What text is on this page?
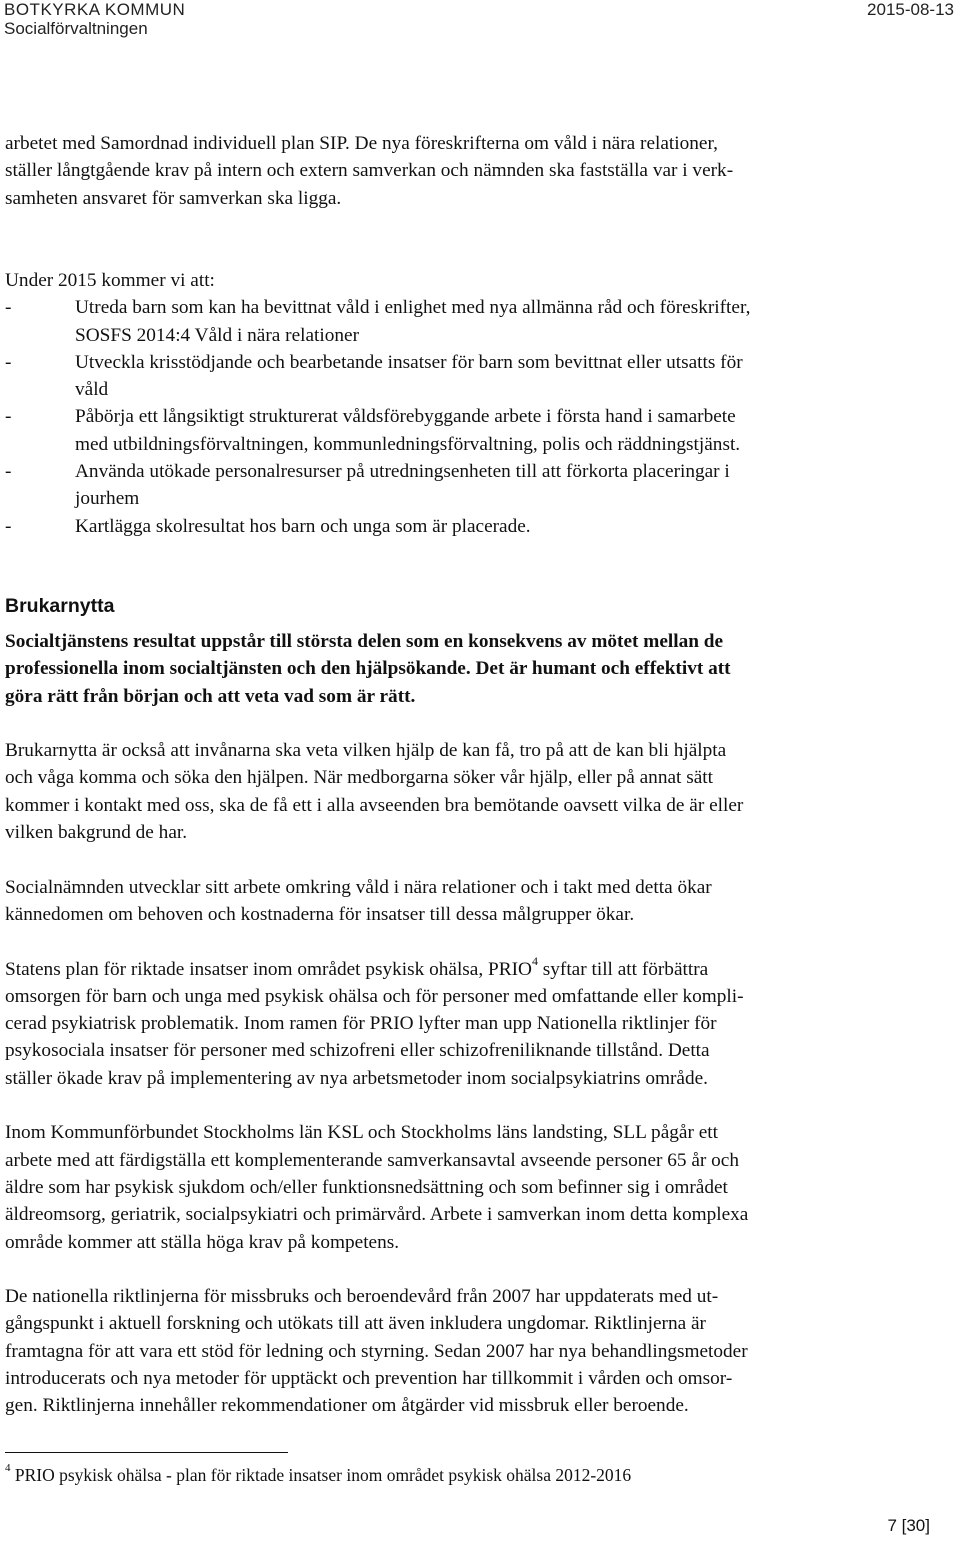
BOTKYRKA KOMMUN
Socialförvaltningen
2015-08-13

arbetet med Samordnad individuell plan SIP. De nya föreskrifterna om våld i nära relationer,

ställer långtgående krav på intern och extern samverkan och nämnden ska fastställa var i verk-

samheten ansvaret för samverkan ska ligga.

Under 2015 kommer vi att:

-	Utreda barn som kan ha bevittnat våld i enlighet med nya allmänna råd och föreskrifter,
SOSFS 2014:4 Våld i nära relationer
-	Utveckla krisstödjande och bearbetande insatser för barn som bevittnat eller utsatts för
våld
-	Påbörja ett långsiktigt strukturerat våldsförebyggande arbete i första hand i samarbete
med utbildningsförvaltningen, kommunledningsförvaltning, polis och räddningstjänst.
-	Använda utökade personalresurser på utredningsenheten till att förkorta placeringar i
jourhem
-	Kartlägga skolresultat hos barn och unga som är placerade.
Brukarnytta

Socialtjänstens resultat uppstår till största delen som en konsekvens av mötet mellan de

professionella inom socialtjänsten och den hjälpsökande. Det är humant och effektivt att

göra rätt från början och att veta vad som är rätt.

Brukarnytta är också att invånarna ska veta vilken hjälp de kan få, tro på att de kan bli hjälpta

och våga komma och söka den hjälpen. När medborgarna söker vår hjälp, eller på annat sätt

kommer i kontakt med oss, ska de få ett i alla avseenden bra bemötande oavsett vilka de är eller

vilken bakgrund de har.

Socialnämnden utvecklar sitt arbete omkring våld i nära relationer och i takt med detta ökar

kännedomen om behoven och kostnaderna för insatser till dessa målgrupper ökar.

Statens plan för riktade insatser inom området psykisk ohälsa, PRIO$^4$ syftar till att förbättra

omsorgen för barn och unga med psykisk ohälsa och för personer med omfattande eller kompli-

cerad psykiatrisk problematik. Inom ramen för PRIO lyfter man upp Nationella riktlinjer för

psykosociala insatser för personer med schizofreni eller schizofreniliknande tillstånd. Detta

ställer ökade krav på implementering av nya arbetsmetoder inom socialpsykiatrins område.

Inom Kommunförbundet Stockholms län KSL och Stockholms läns landsting, SLL pågår ett

arbete med att färdigställa ett komplementerande samverkansavtal avseende personer 65 år och

äldre som har psykisk sjukdom och/eller funktionsnedsättning och som befinner sig i området

äldreomsorg, geriatrik, socialpsykiatri och primärvård. Arbete i samverkan inom detta komplexa

område kommer att ställa höga krav på kompetens.

De nationella riktlinjerna för missbruks och beroendevård från 2007 har uppdaterats med ut-

gångspunkt i aktuell forskning och utökats till att även inkludera ungdomar. Riktlinjerna är

framtagna för att vara ett stöd för ledning och styrning. Sedan 2007 har nya behandlingsmetoder

introducerats och nya metoder för upptäckt och prevention har tillkommit i vården och omsor-

gen. Riktlinjerna innehåller rekommendationer om åtgärder vid missbruk eller beroende.

$^4$ PRIO psykisk ohälsa - plan för riktade insatser inom området psykisk ohälsa 2012-2016
7 [30]
